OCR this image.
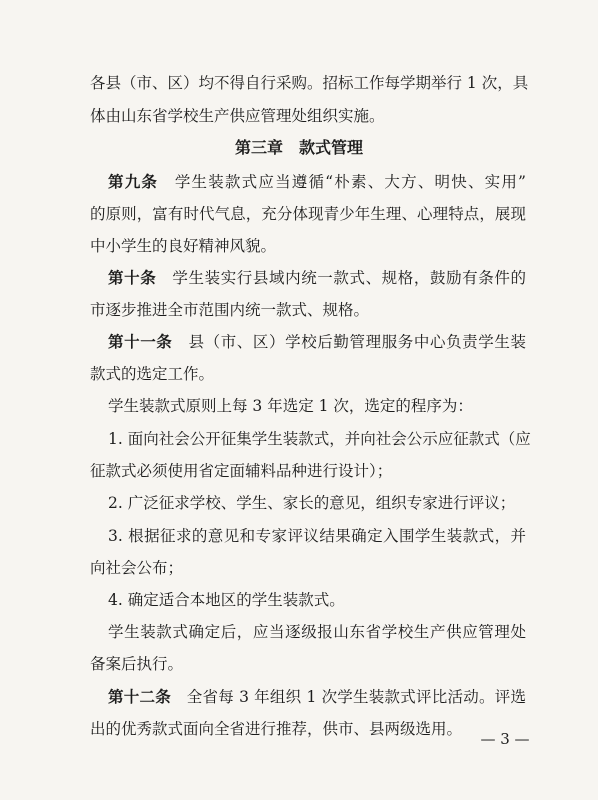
各县（市、区）均不得自行采购。招标工作每学期举行 1 次，具
体由山东省学校生产供应管理处组织实施。
第三章　款式管理
第九条　 学生装款式应当遵循“朴素、大方、明快、实用”
的原则，富有时代气息，充分体现青少年生理、心理特点，展现
中小学生的良好精神风貌。
第十条　 学生装实行县域内统一款式、规格，鼓励有条件的
市逐步推进全市范围内统一款式、规格。
第十一条　 县（市、区）学校后勤管理服务中心负责学生装
款式的选定工作。
学生装款式原则上每 3 年选定 1 次，选定的程序为：
1. 面向社会公开征集学生装款式，并向社会公示应征款式（应
征款式必须使用省定面辅料品种进行设计）；
2. 广泛征求学校、学生、家长的意见，组织专家进行评议；
3. 根据征求的意见和专家评议结果确定入围学生装款式，并
向社会公布；
4. 确定适合本地区的学生装款式。
学生装款式确定后，应当逐级报山东省学校生产供应管理处
备案后执行。
第十二条　 全省每 3 年组织 1 次学生装款式评比活动。评选
出的优秀款式面向全省进行推荐，供市、县两级选用。
— 3 —
